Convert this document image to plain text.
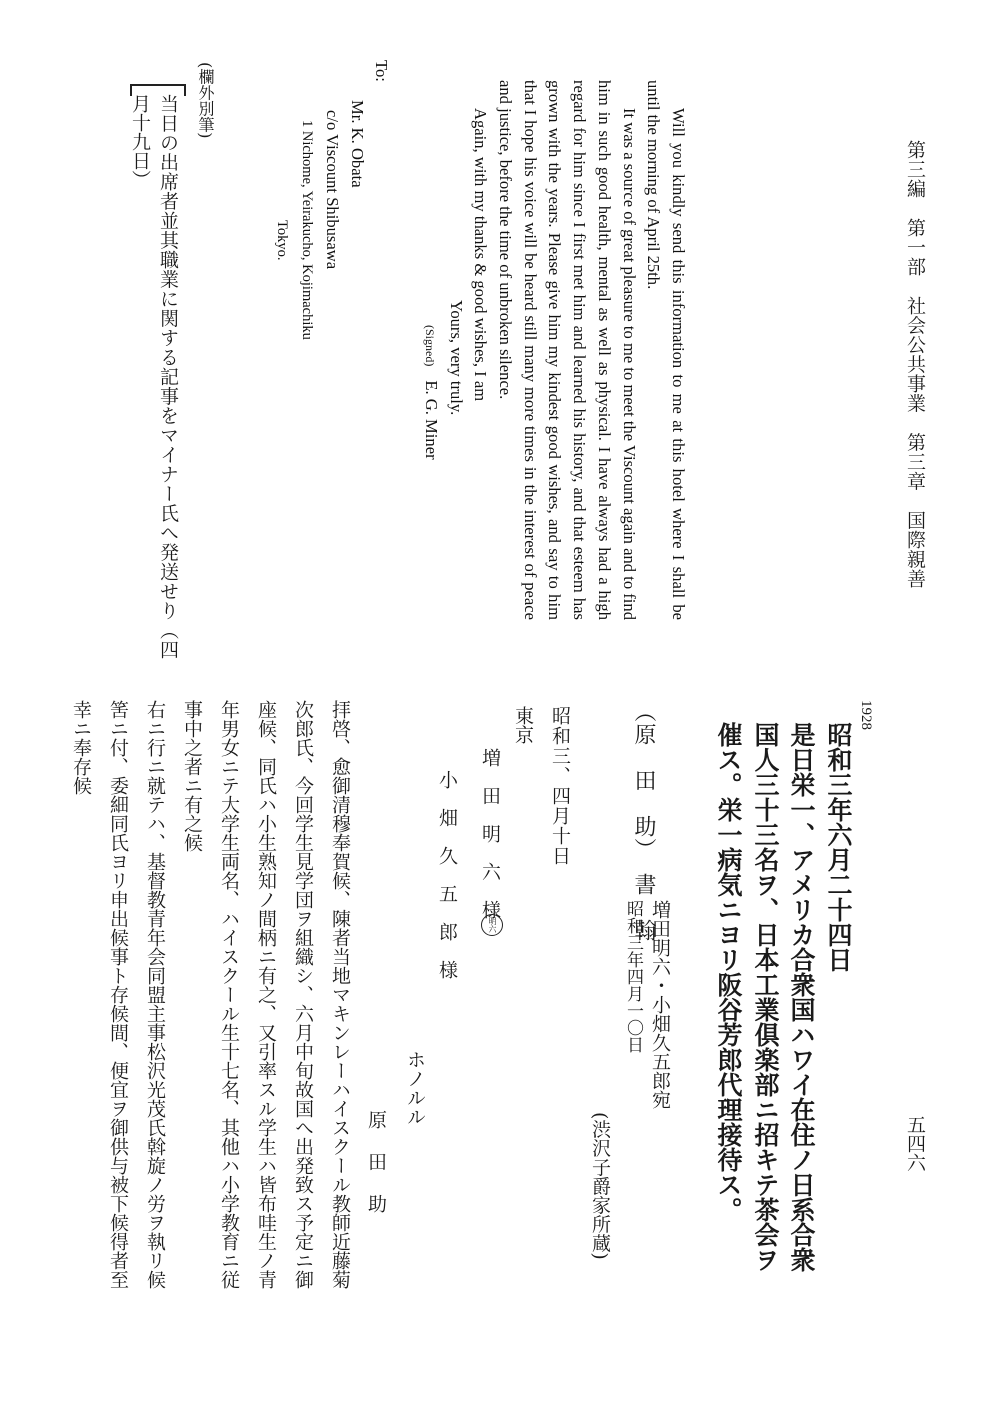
第三編　第一部　社会公共事業　第三章　国際親善
五四六

Will you kindly send this information to me at this hotel where I shall be until the morning of April 25th.

It was a source of great pleasure to me to meet the Viscount again and to find him in such good health, mental as well as physical. I have always had a high regard for him since I first met him and learned his history, and that esteem has grown with the years. Please give him my kindest good wishes, and say to him that I hope his voice will be heard still many more times in the interest of peace and justice, before the time of unbroken silence.

Again, with my thanks & good wishes, I am

Yours, very truly.

(Signed)E. G. Miner

To:

Mr. K. Obata

c/o Viscount Shibusawa

1 Nichome, Yeirakucho, Kojimachiku

Tokyo.

(欄外別筆)
当日の出席者並其職業に関する記事をマイナー氏へ発送せり（四
月十九日）
1928
昭和三年六月二十四日
是日栄一、アメリカ合衆国ハワイ在住ノ日系合衆
国人三十三名ヲ、日本工業倶楽部ニ招キテ茶会ヲ
催ス。栄一病気ニヨリ阪谷芳郎代理接待ス。
（原　田　助）　書　翰
増田明六・小畑久五郎宛
昭和三年四月一〇日
(渋沢子爵家所蔵)
昭和三、四月十日
東京
増　田　明　六　様
明六
小　畑　久　五　郎　様
ホノルル
原　田　助
拝啓、愈御清穆奉賀候、陳者当地マキンレーハイスクール教師近藤菊
次郎氏、今回学生見学団ヲ組織シ、六月中旬故国へ出発致ス予定ニ御
座候、同氏ハ小生熟知ノ間柄ニ有之、又引率スル学生ハ皆布哇生ノ青
年男女ニテ大学生両名、ハイスクール生十七名、其他ハ小学教育ニ従
事中之者ニ有之候
右ニ行ニ就テハ、基督教青年会同盟主事松沢光茂氏斡旋ノ労ヲ執リ候
筈ニ付、委細同氏ヨリ申出候事ト存候間、便宜ヲ御供与被下候得者至
幸ニ奉存候
